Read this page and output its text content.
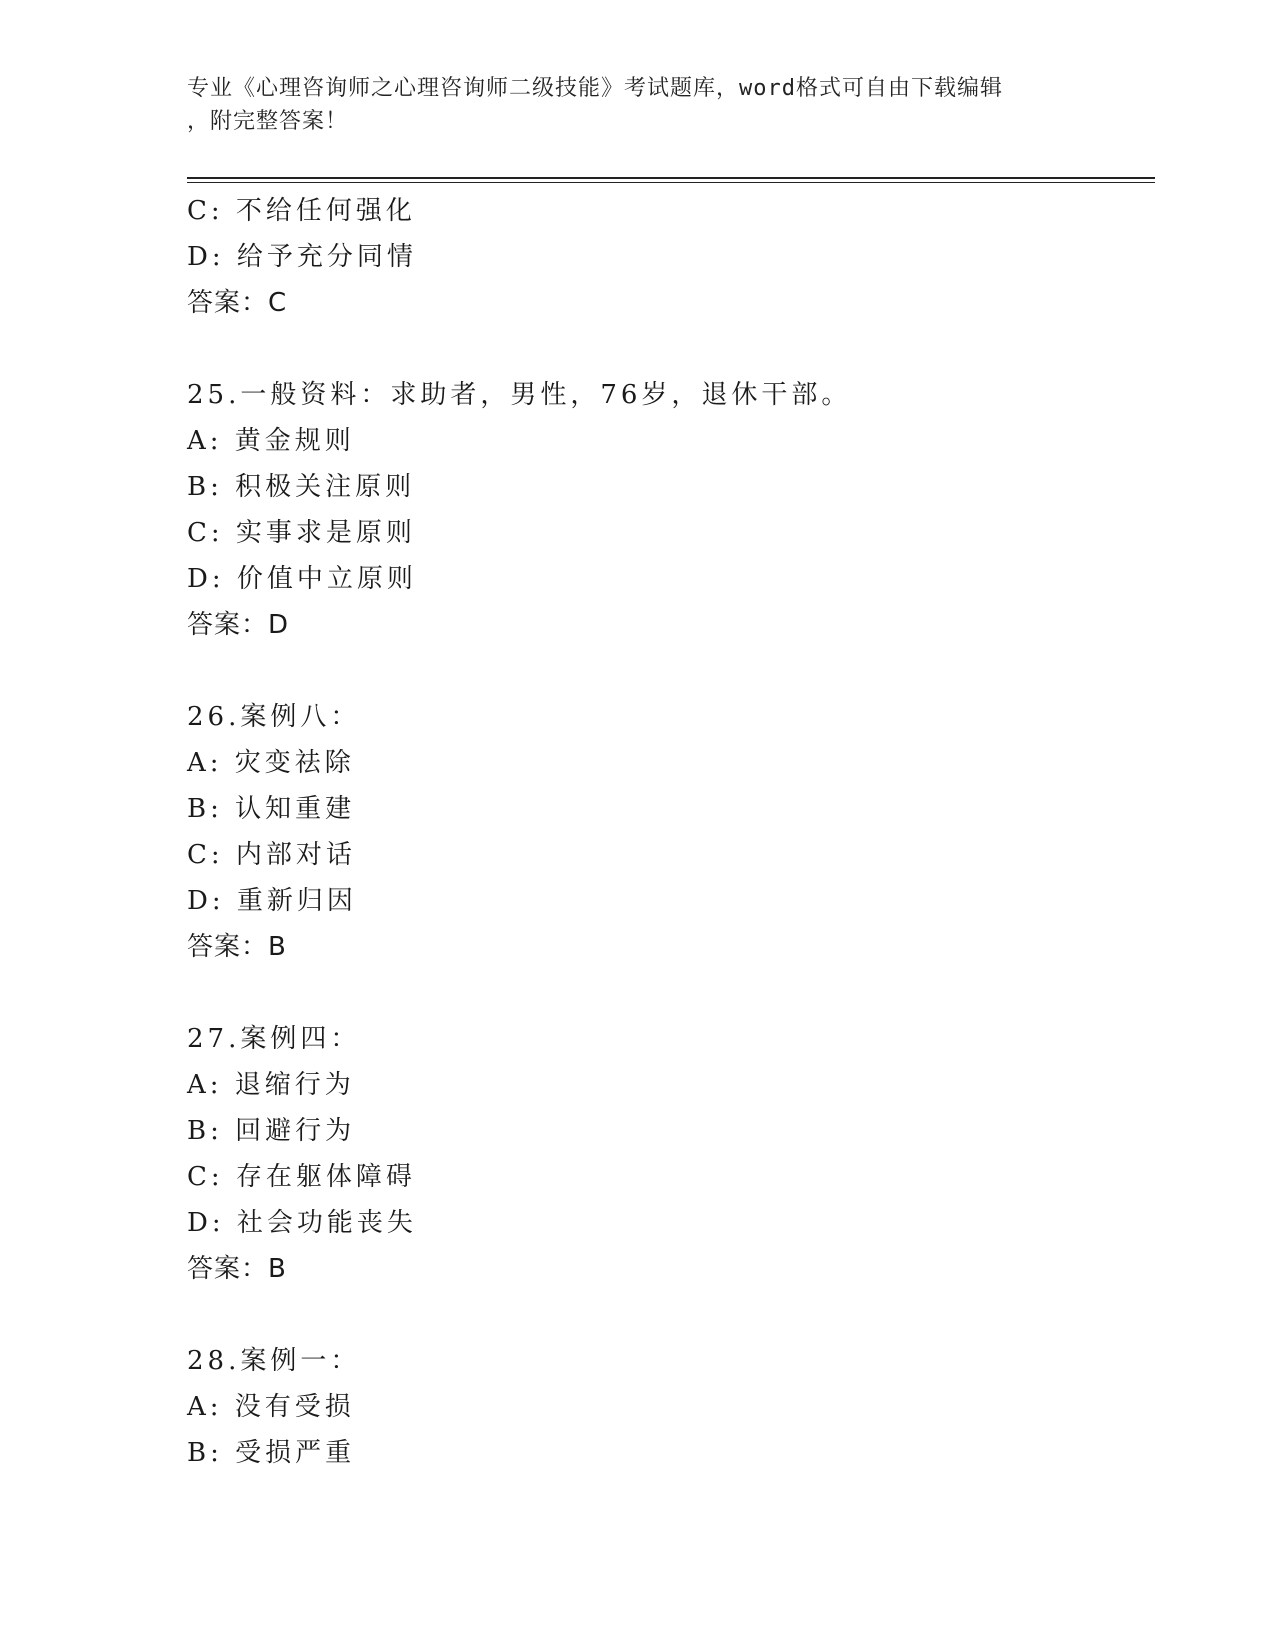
专业《心理咨询师之心理咨询师二级技能》考试题库，word格式可自由下载编辑
，附完整答案！
C: 不给任何强化
D: 给予充分同情
答案：C
25.一般资料：求助者，男性，76岁，退休干部。
A: 黄金规则
B: 积极关注原则
C: 实事求是原则
D: 价值中立原则
答案：D
26.案例八：
A: 灾变祛除
B: 认知重建
C: 内部对话
D: 重新归因
答案：B
27.案例四：
A: 退缩行为
B: 回避行为
C: 存在躯体障碍
D: 社会功能丧失
答案：B
28.案例一：
A: 没有受损
B: 受损严重
